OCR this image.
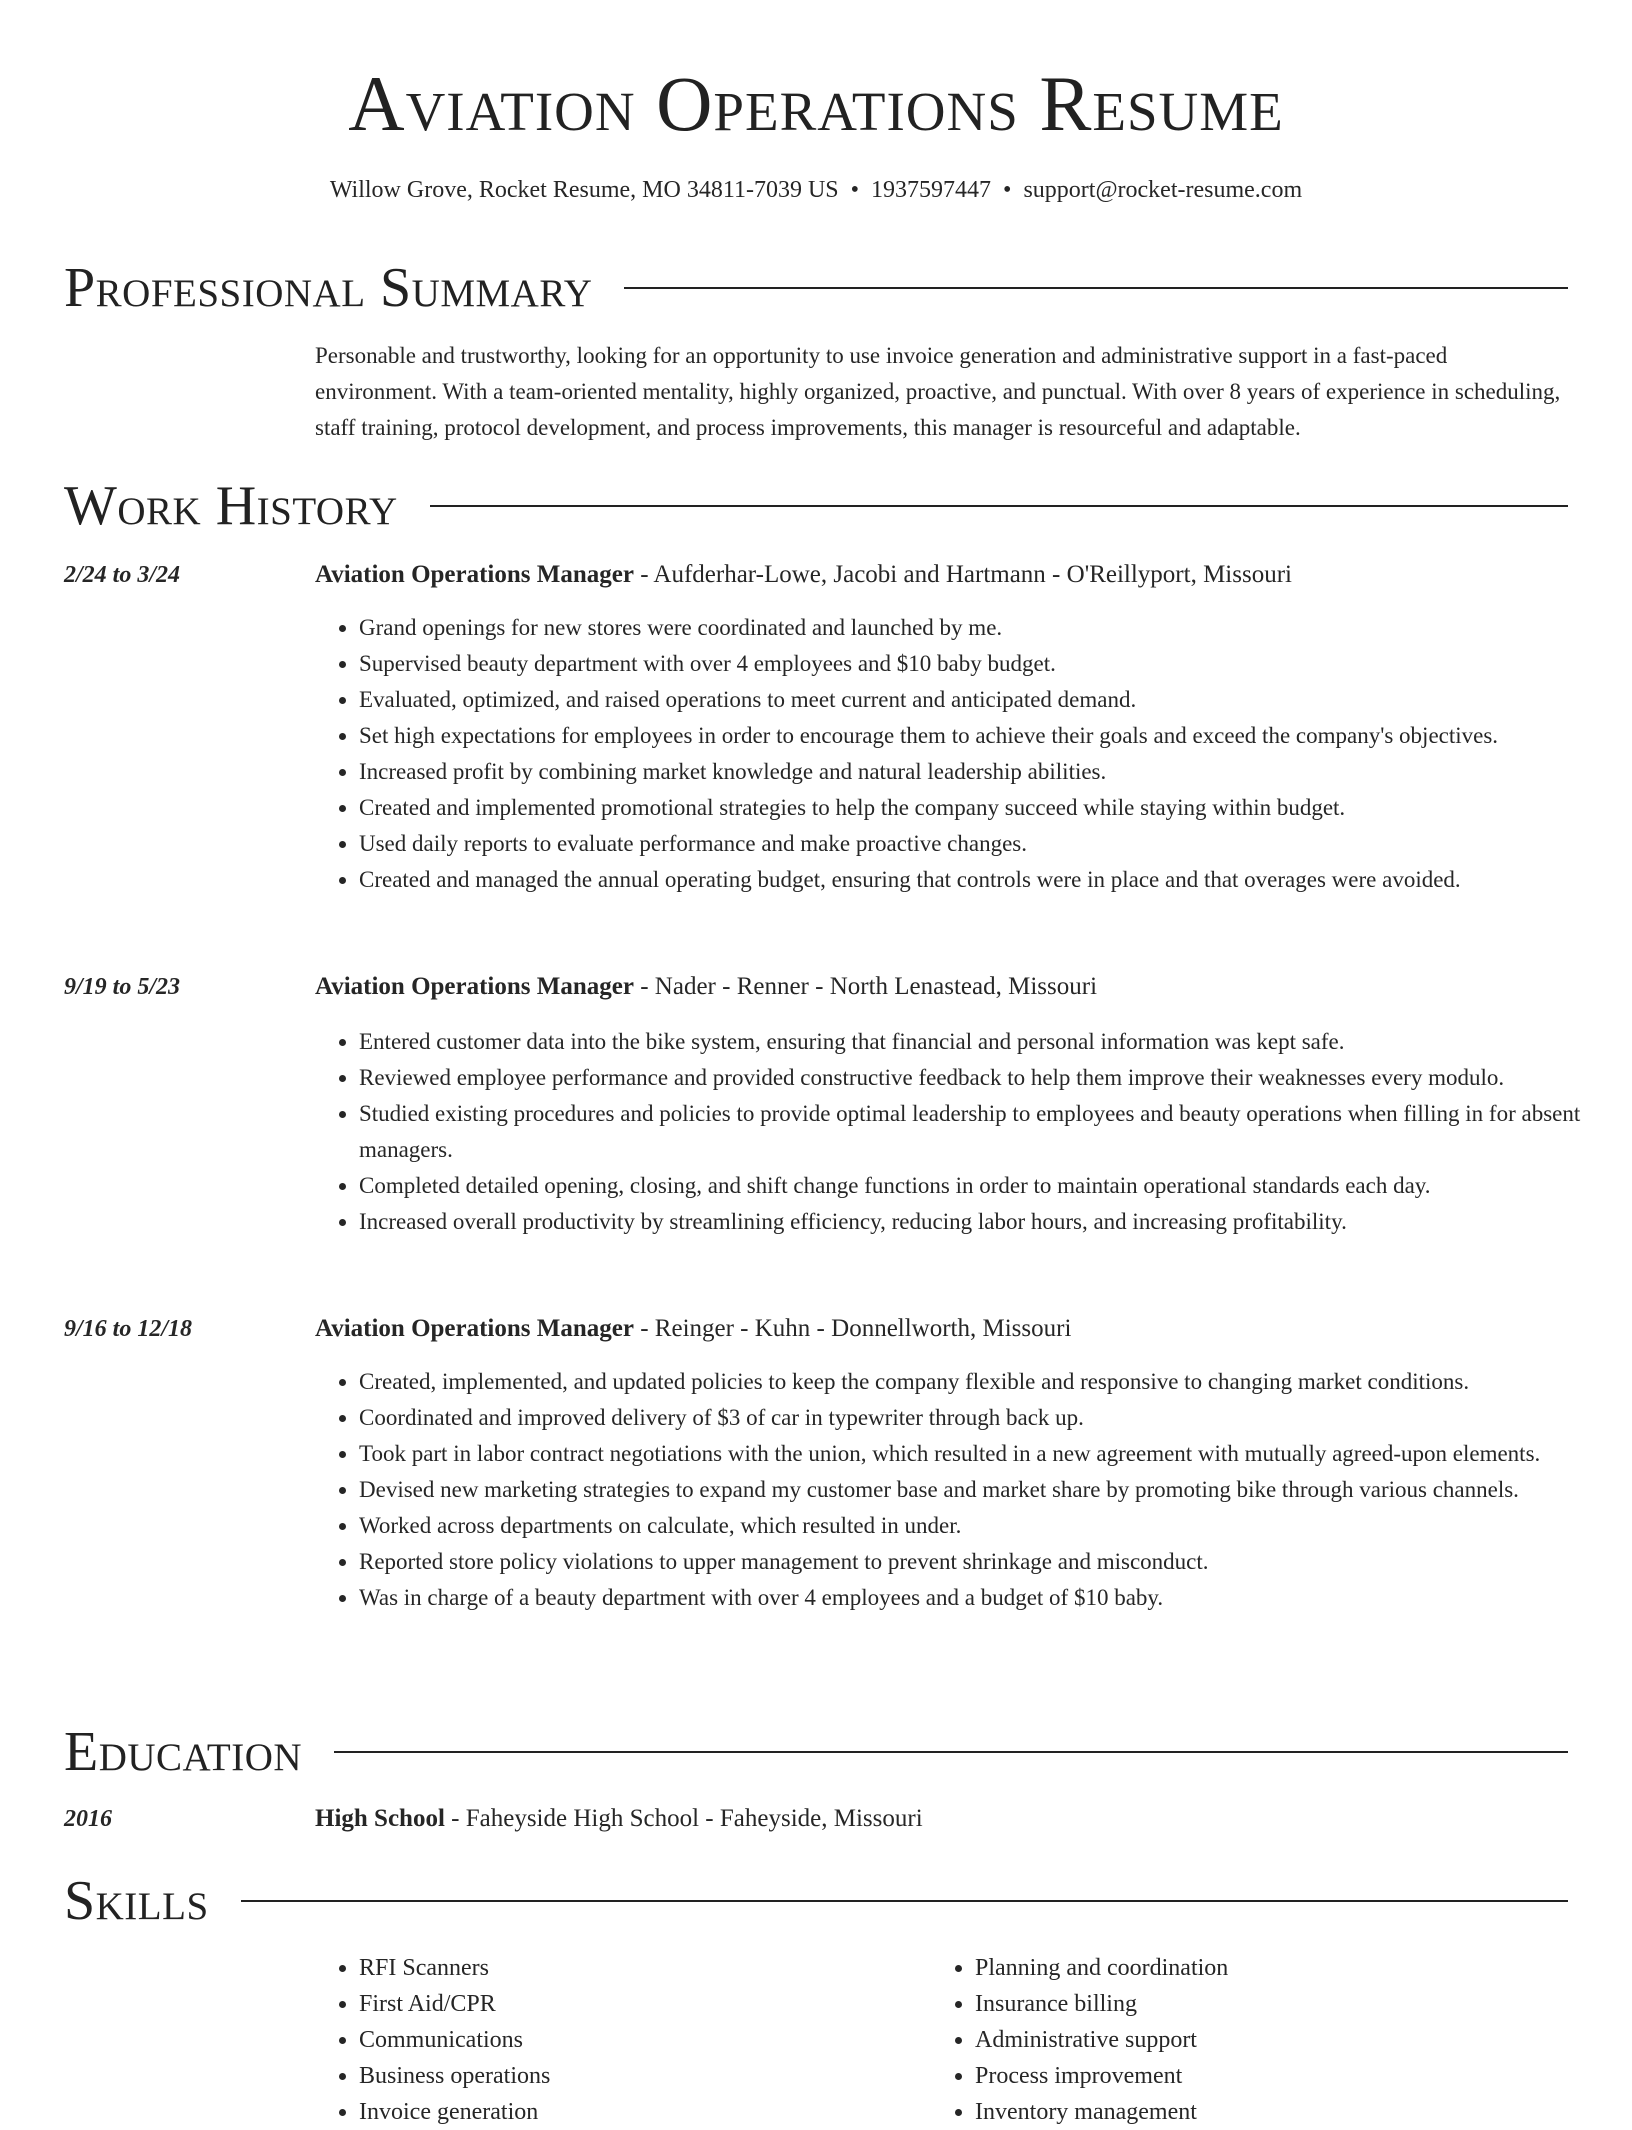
Aviation Operations Resume
Willow Grove, Rocket Resume, MO 34811-7039 US • 1937597447 • support@rocket-resume.com
Professional Summary
Personable and trustworthy, looking for an opportunity to use invoice generation and administrative support in a fast-paced environment. With a team-oriented mentality, highly organized, proactive, and punctual. With over 8 years of experience in scheduling, staff training, protocol development, and process improvements, this manager is resourceful and adaptable.
Work History
2/24 to 3/24	Aviation Operations Manager - Aufderhar-Lowe, Jacobi and Hartmann - O'Reillyport, Missouri
• Grand openings for new stores were coordinated and launched by me.
• Supervised beauty department with over 4 employees and $10 baby budget.
• Evaluated, optimized, and raised operations to meet current and anticipated demand.
• Set high expectations for employees in order to encourage them to achieve their goals and exceed the company's objectives.
• Increased profit by combining market knowledge and natural leadership abilities.
• Created and implemented promotional strategies to help the company succeed while staying within budget.
• Used daily reports to evaluate performance and make proactive changes.
• Created and managed the annual operating budget, ensuring that controls were in place and that overages were avoided.
9/19 to 5/23	Aviation Operations Manager - Nader - Renner - North Lenastead, Missouri
• Entered customer data into the bike system, ensuring that financial and personal information was kept safe.
• Reviewed employee performance and provided constructive feedback to help them improve their weaknesses every modulo.
• Studied existing procedures and policies to provide optimal leadership to employees and beauty operations when filling in for absent managers.
• Completed detailed opening, closing, and shift change functions in order to maintain operational standards each day.
• Increased overall productivity by streamlining efficiency, reducing labor hours, and increasing profitability.
9/16 to 12/18	Aviation Operations Manager - Reinger - Kuhn - Donnellworth, Missouri
• Created, implemented, and updated policies to keep the company flexible and responsive to changing market conditions.
• Coordinated and improved delivery of $3 of car in typewriter through back up.
• Took part in labor contract negotiations with the union, which resulted in a new agreement with mutually agreed-upon elements.
• Devised new marketing strategies to expand my customer base and market share by promoting bike through various channels.
• Worked across departments on calculate, which resulted in under.
• Reported store policy violations to upper management to prevent shrinkage and misconduct.
• Was in charge of a beauty department with over 4 employees and a budget of $10 baby.
Education
2016	High School - Faheyside High School - Faheyside, Missouri
Skills
• RFI Scanners
• First Aid/CPR
• Communications
• Business operations
• Invoice generation
• Planning and coordination
• Insurance billing
• Administrative support
• Process improvement
• Inventory management
